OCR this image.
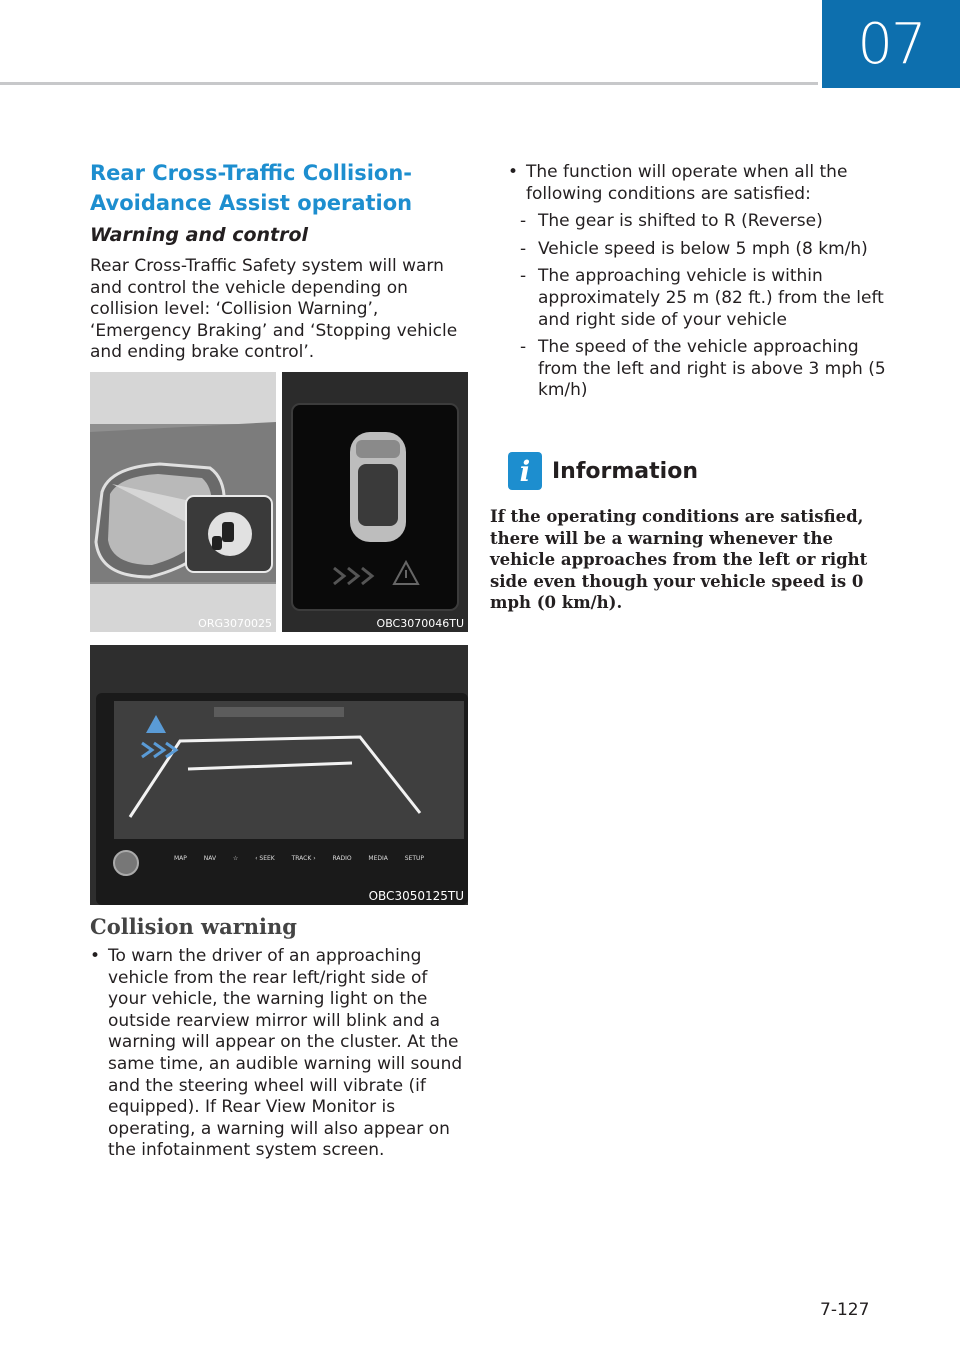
07
Rear Cross-Traffic Collision-Avoidance Assist operation
Warning and control
Rear Cross-Traffic Safety system will warn and control the vehicle depending on collision level: ‘Collision Warning’, ‘Emergency Braking’ and ‘Stopping vehicle and ending brake control’.
ORG3070025	OBC3070046TU
MAP	NAV	☆	‹ SEEK	TRACK ›	RADIO	MEDIA	SETUP
OBC3050125TU
Collision warning
• To warn the driver of an approaching vehicle from the rear left/right side of your vehicle, the warning light on the outside rearview mirror will blink and a warning will appear on the cluster. At the same time, an audible warning will sound and the steering wheel will vibrate (if equipped). If Rear View Monitor is operating, a warning will also appear on the infotainment system screen.
• The function will operate when all the following conditions are satisfied:
- The gear is shifted to R (Reverse)
- Vehicle speed is below 5 mph (8 km/h)
- The approaching vehicle is within approximately 25 m (82 ft.) from the left and right side of your vehicle
- The speed of the vehicle approaching from the left and right is above 3 mph (5 km/h)
i Information
If the operating conditions are satisfied, there will be a warning whenever the vehicle approaches from the left or right side even though your vehicle speed is 0 mph (0 km/h).
7-127
